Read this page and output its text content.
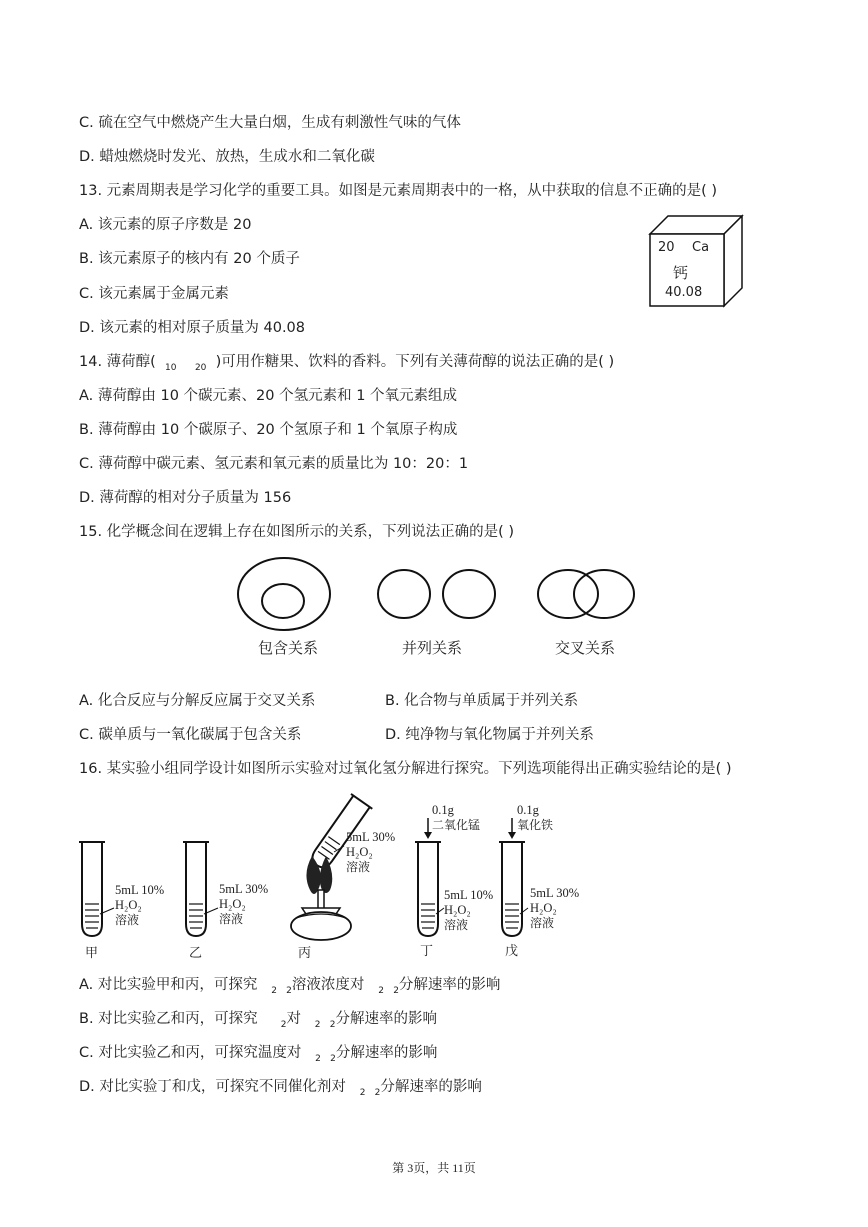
C. 硫在空气中燃烧产生大量白烟，生成有刺激性气味的气体
D. 蜡烛燃烧时发光、放热，生成水和二氧化碳
13. 元素周期表是学习化学的重要工具。如图是元素周期表中的一格，从中获取的信息不正确的是( )
A. 该元素的原子序数是 20
B. 该元素原子的核内有 20 个质子
C. 该元素属于金属元素
D. 该元素的相对原子质量为 40.08
20 Ca
钙
40.08
14. 薄荷醇( $_{10}$ $_{20}$ )可用作糖果、饮料的香料。下列有关薄荷醇的说法正确的是( )
A. 薄荷醇由 10 个碳元素、20 个氢元素和 1 个氧元素组成
B. 薄荷醇由 10 个碳原子、20 个氢原子和 1 个氧原子构成
C. 薄荷醇中碳元素、氢元素和氧元素的质量比为 10：20：1
D. 薄荷醇的相对分子质量为 156
15. 化学概念间在逻辑上存在如图所示的关系，下列说法正确的是( )
包含关系	并列关系	交叉关系
A. 化合反应与分解反应属于交叉关系	B. 化合物与单质属于并列关系
C. 碳单质与一氧化碳属于包含关系	D. 纯净物与氧化物属于并列关系
16. 某实验小组同学设计如图所示实验对过氧化氢分解进行探究。下列选项能得出正确实验结论的是( )
5mL 10%
H₂O₂
溶液
甲
5mL 30%
H₂O₂
溶液
乙
5mL 30%
H₂O₂
溶液
丙
0.1g
二氧化锰
5mL 10%
H₂O₂
溶液
丁
0.1g
氧化铁
5mL 30%
H₂O₂
溶液
戊
A. 对比实验甲和丙，可探究   $_2$ $_2$溶液浓度对   $_2$ $_2$分解速率的影响
B. 对比实验乙和丙，可探究     $_2$对   $_2$ $_2$分解速率的影响
C. 对比实验乙和丙，可探究温度对   $_2$ $_2$分解速率的影响
D. 对比实验丁和戊，可探究不同催化剂对   $_2$ $_2$分解速率的影响
第 3页，共 11页
